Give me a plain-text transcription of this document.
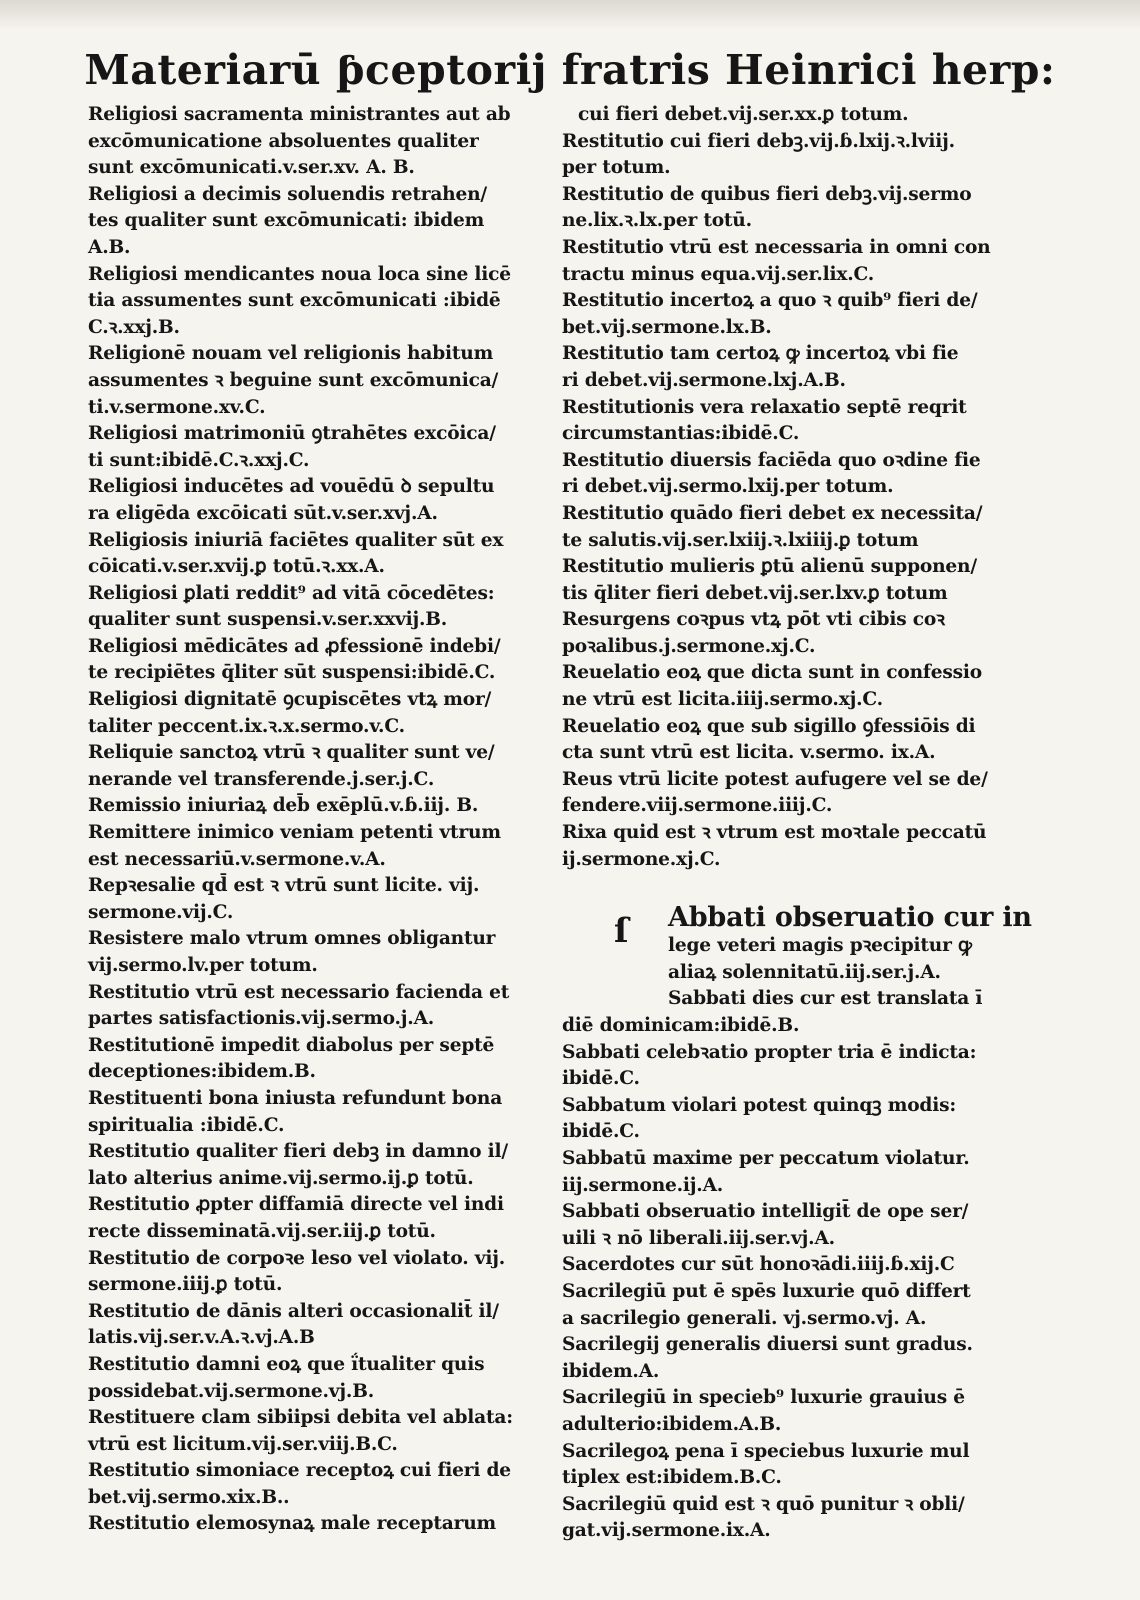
Materiarū ƥceptorij fratris Heinrici herp:
Religiosi sacramenta ministrantes aut ab
excōmunicatione absoluentes qualiter
sunt excōmunicati.v.ser.xv. A. B.
Religiosi a decimis soluendis retrahen/
tes qualiter sunt excōmunicati: ibidem
A.B.
Religiosi mendicantes noua loca sine licē
tia assumentes sunt excōmunicati :ibidē
C.ꝛ.xxj.B.
Religionē nouam vel religionis habitum
assumentes ꝛ beguine sunt excōmunica/
ti.v.sermone.xv.C.
Religiosi matrimoniū ꝯtrahētes excōica/
ti sunt:ibidē.C.ꝛ.xxj.C.
Religiosi inducētes ad vouēdū ꝺ sepultu
ra eligēda excōicati sūt.v.ser.xvj.A.
Religiosis iniuriā faciētes qualiter sūt ex
cōicati.v.ser.xvij.ꝑ totū.ꝛ.xx.A.
Religiosi ꝑlati reddit⁹ ad vitā cōcedētes:
qualiter sunt suspensi.v.ser.xxvij.B.
Religiosi mēdicātes ad ꝓfessionē indebi/
te recipiētes q̄liter sūt suspensi:ibidē.C.
Religiosi dignitatē ꝯcupiscētes vtꝝ mor/
taliter peccent.ix.ꝛ.x.sermo.v.C.
Reliquie sanctoꝝ vtrū ꝛ qualiter sunt ve/
nerande vel transferende.j.ser.j.C.
Remissio iniuriaꝝ deb̄ exēplū.v.ɓ.iij. B.
Remittere inimico veniam petenti vtrum
est necessariū.v.sermone.v.A.
Repꝛesalie qd̄ est ꝛ vtrū sunt licite. vij.
sermone.vij.C.
Resistere malo vtrum omnes obligantur
vij.sermo.lv.per totum.
Restitutio vtrū est necessario facienda et
partes satisfactionis.vij.sermo.j.A.
Restitutionē impedit diabolus per septē
deceptiones:ibidem.B.
Restituenti bona iniusta refundunt bona
spiritualia :ibidē.C.
Restitutio qualiter fieri debꝫ in damno il/
lato alterius anime.vij.sermo.ij.ꝑ totū.
Restitutio ꝓpter diffamiā directe vel indi
recte disseminatā.vij.ser.iij.ꝑ totū.
Restitutio de corpoꝛe leso vel violato. vij.
sermone.iiij.ꝑ totū.
Restitutio de dānis alteri occasionalit̄ il/
latis.vij.ser.v.A.ꝛ.vj.A.B
Restitutio damni eoꝝ que ḯtualiter quis
possidebat.vij.sermone.vj.B.
Restituere clam sibiipsi debita vel ablata:
vtrū est licitum.vij.ser.viij.B.C.
Restitutio simoniace receptoꝝ cui fieri de
bet.vij.sermo.xix.B..
Restitutio elemosynaꝝ male receptarum
cui fieri debet.vij.ser.xx.ꝑ totum.
Restitutio cui fieri debꝫ.vij.ɓ.lxij.ꝛ.lviij.
per totum.
Restitutio de quibus fieri debꝫ.vij.sermo
ne.lix.ꝛ.lx.per totū.
Restitutio vtrū est necessaria in omni con
tractu minus equa.vij.ser.lix.C.
Restitutio incertoꝝ a quo ꝛ quib⁹ fieri de/
bet.vij.sermone.lx.B.
Restitutio tam certoꝝ ꝙ incertoꝝ vbi fie
ri debet.vij.sermone.lxj.A.B.
Restitutionis vera relaxatio septē reqrit
circumstantias:ibidē.C.
Restitutio diuersis faciēda quo oꝛdine fie
ri debet.vij.sermo.lxij.per totum.
Restitutio quādo fieri debet ex necessita/
te salutis.vij.ser.lxiij.ꝛ.lxiiij.ꝑ totum
Restitutio mulieris ꝑtū alienū supponen/
tis q̄liter fieri debet.vij.ser.lxv.ꝑ totum
Resurgens coꝛpus vtꝝ pōt vti cibis coꝛ
poꝛalibus.j.sermone.xj.C.
Reuelatio eoꝝ que dicta sunt in confessio
ne vtrū est licita.iiij.sermo.xj.C.
Reuelatio eoꝝ que sub sigillo ꝯfessiōis di
cta sunt vtrū est licita. v.sermo. ix.A.
Reus vtrū licite potest aufugere vel se de/
fendere.viij.sermone.iiij.C.
Rixa quid est ꝛ vtrum est moꝛtale peccatū
ij.sermone.xj.C.
Abbati obseruatio cur in
ſ lege veteri magis pꝛecipitur ꝙ
aliaꝝ solennitatū.iij.ser.j.A.
Sabbati dies cur est translata ī
diē dominicam:ibidē.B.
Sabbati celebꝛatio propter tria ē indicta:
ibidē.C.
Sabbatum violari potest quinqꝫ modis:
ibidē.C.
Sabbatū maxime per peccatum violatur.
iij.sermone.ij.A.
Sabbati obseruatio intelligit̄ de ope ser/
uili ꝛ nō liberali.iij.ser.vj.A.
Sacerdotes cur sūt honoꝛādi.iiij.ɓ.xij.C
Sacrilegiū put ē spēs luxurie quō differt
a sacrilegio generali. vj.sermo.vj. A.
Sacrilegij generalis diuersi sunt gradus.
ibidem.A.
Sacrilegiū in specieb⁹ luxurie grauius ē
adulterio:ibidem.A.B.
Sacrilegoꝝ pena ī speciebus luxurie mul
tiplex est:ibidem.B.C.
Sacrilegiū quid est ꝛ quō punitur ꝛ obli/
gat.vij.sermone.ix.A.
